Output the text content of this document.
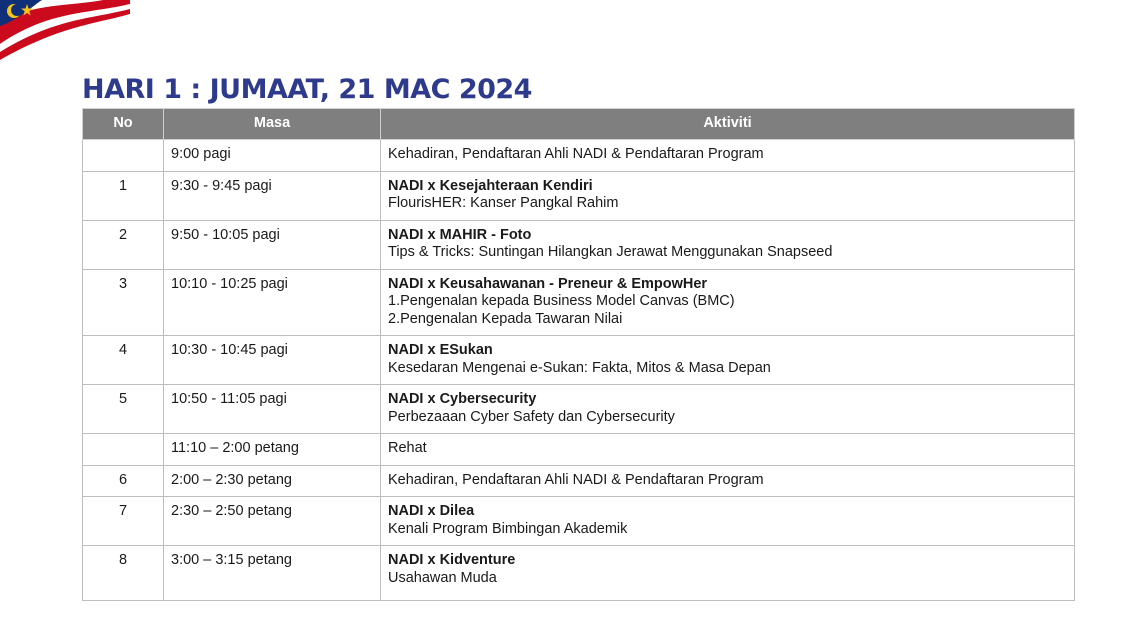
HARI 1 : JUMAAT, 21 MAC 2024
No	Masa	Aktiviti
	9:00 pagi	Kehadiran, Pendaftaran Ahli NADI & Pendaftaran Program

1	9:30 - 9:45 pagi	NADI x Kesejahteraan Kendiri
FlourisHER: Kanser Pangkal Rahim

2	9:50 - 10:05 pagi	NADI x MAHIR - Foto
Tips & Tricks: Suntingan Hilangkan Jerawat Menggunakan Snapseed

3	10:10 - 10:25 pagi	NADI x Keusahawanan - Preneur & EmpowHer
1.Pengenalan kepada Business Model Canvas (BMC)
2.Pengenalan Kepada Tawaran Nilai

4	10:30 - 10:45 pagi	NADI x ESukan
Kesedaran Mengenai e-Sukan: Fakta, Mitos & Masa Depan

5	10:50 - 11:05 pagi	NADI x Cybersecurity
Perbezaaan Cyber Safety dan Cybersecurity

	11:10 – 2:00 petang	Rehat

6	2:00 – 2:30 petang	Kehadiran, Pendaftaran Ahli NADI & Pendaftaran Program

7	2:30 – 2:50 petang	NADI x Dilea
Kenali Program Bimbingan Akademik

8	3:00 – 3:15 petang	NADI x Kidventure
Usahawan Muda
